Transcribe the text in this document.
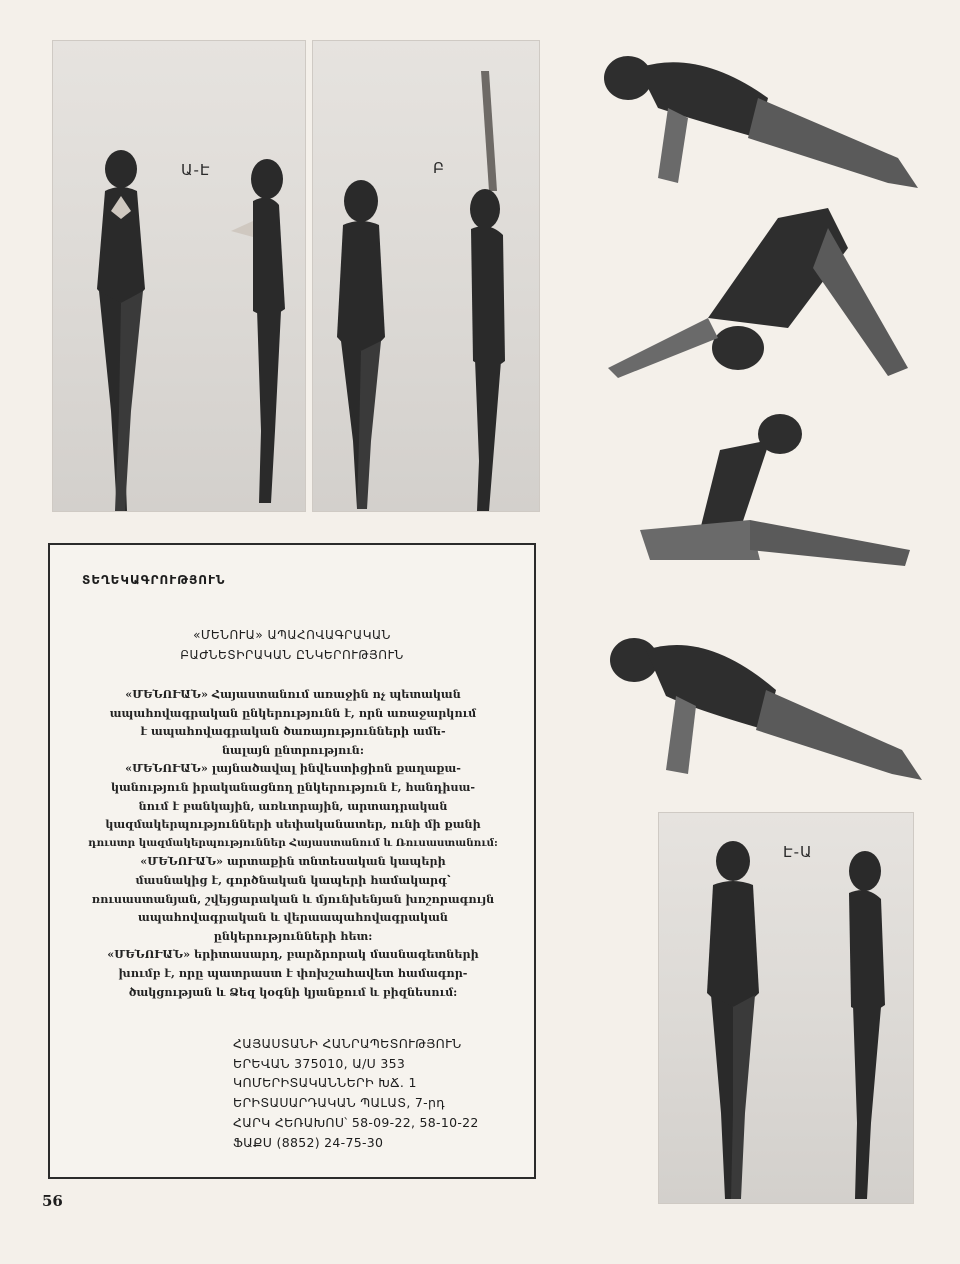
Ա-Է	Բ
Է-Ա
ՏԵՂԵԿԱԳՐՈՒԹՅՈՒՆ
«ՄԵՆՈՒԱ» ԱՊԱՀՈՎԱԳՐԱԿԱՆ
ԲԱԺՆԵՏԻՐԱԿԱՆ ԸՆԿԵՐՈՒԹՅՈՒՆ

«ՄԵՆՈՒԱՆ» Հայաստանում առաջին ոչ պետական

ապահովագրական ընկերությունն է, որն առաջարկում

է ապահովագրական ծառայությունների ամե-

նալայն ընտրություն:

«ՄԵՆՈՒԱՆ» լայնածավալ ինվեստիցիոն քաղաքա-

կանություն իրականացնող ընկերություն է, հանդիսա-

նում է բանկային, առևտրային, արտադրական

կազմակերպությունների սեփականատեր, ունի մի քանի

դուստր կազմակերպություններ Հայաստանում և Ռուսաստանում:

«ՄԵՆՈՒԱՆ» արտաքին տնտեսական կապերի

մասնակից է, գործնական կապերի համակարգ՝

ռուսաստանյան, շվեյցարական և մյունխենյան խոշորագույն

ապահովագրական և վերաապահովագրական

ընկերությունների հետ:

«ՄԵՆՈՒԱՆ» երիտասարդ, բարձրորակ մասնագետների

խումբ է, որը պատրաստ է փոխշահավետ համագոր-

ծակցության և Ձեզ կօգնի կյանքում և բիզնեսում:

ՀԱՅԱՍՏԱՆԻ ՀԱՆՐԱՊԵՏՈՒԹՅՈՒՆ
ԵՐԵՎԱՆ 375010, Ա/Ս 353
ԿՈՄԵՐԻՏԱԿԱՆՆԵՐԻ ԽՃ. 1
ԵՐԻՏԱՍԱՐԴԱԿԱՆ ՊԱԼԱՏ, 7-րդ
ՀԱՐԿ ՀԵՌԱԽՈՍ՝ 58-09-22, 58-10-22
ՖԱՔՍ (8852) 24-75-30
56
